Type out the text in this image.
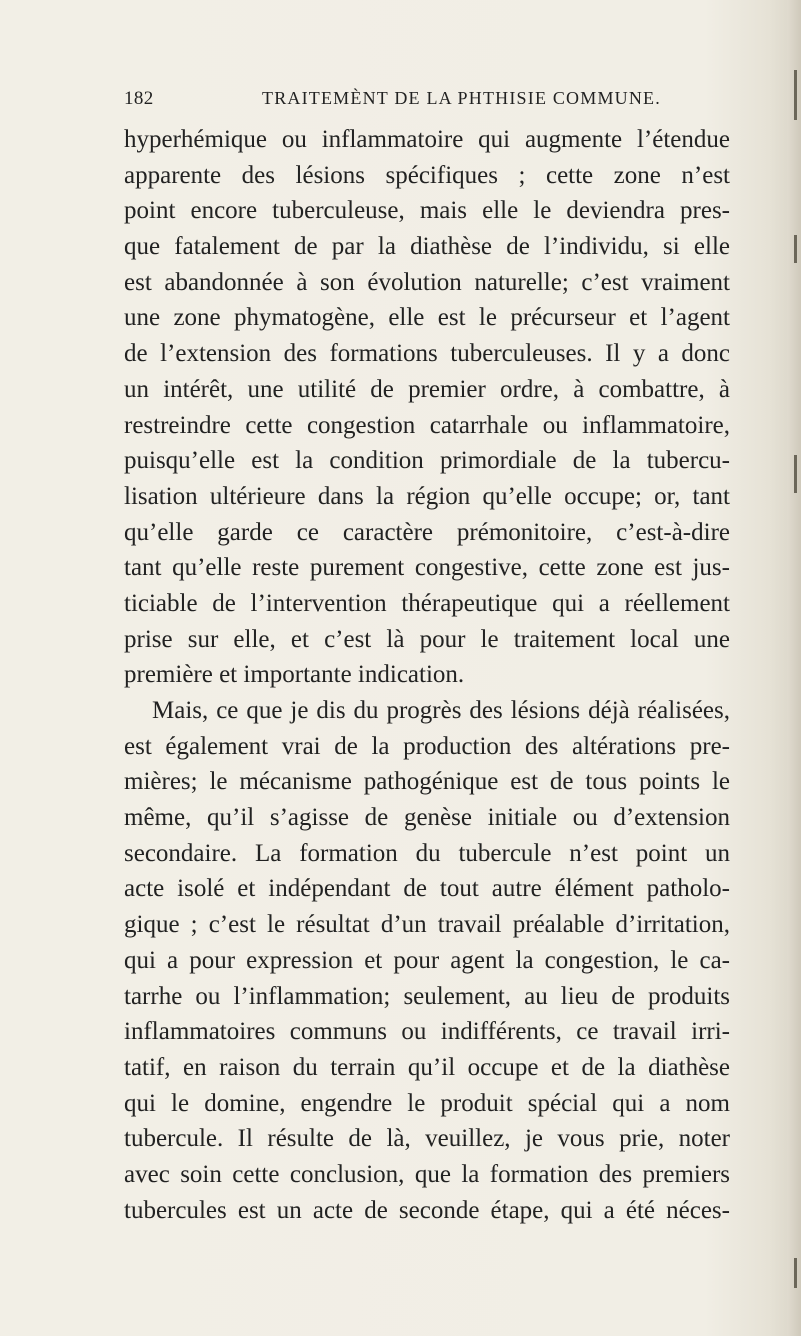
182	TRAITEMÈNT DE LA PHTHISIE COMMUNE.
hyperhémique ou inflammatoire qui augmente l’étendue
apparente des lésions spécifiques ; cette zone n’est
point encore tuberculeuse, mais elle le deviendra pres-
que fatalement de par la diathèse de l’individu, si elle
est abandonnée à son évolution naturelle; c’est vraiment
une zone phymatogène, elle est le précurseur et l’agent
de l’extension des formations tuberculeuses. Il y a donc
un intérêt, une utilité de premier ordre, à combattre, à
restreindre cette congestion catarrhale ou inflammatoire,
puisqu’elle est la condition primordiale de la tubercu-
lisation ultérieure dans la région qu’elle occupe; or, tant
qu’elle garde ce caractère prémonitoire, c’est-à-dire
tant qu’elle reste purement congestive, cette zone est jus-
ticiable de l’intervention thérapeutique qui a réellement
prise sur elle, et c’est là pour le traitement local une
première et importante indication.
Mais, ce que je dis du progrès des lésions déjà réalisées,
est également vrai de la production des altérations pre-
mières; le mécanisme pathogénique est de tous points le
même, qu’il s’agisse de genèse initiale ou d’extension
secondaire. La formation du tubercule n’est point un
acte isolé et indépendant de tout autre élément patholo-
gique ; c’est le résultat d’un travail préalable d’irritation,
qui a pour expression et pour agent la congestion, le ca-
tarrhe ou l’inflammation; seulement, au lieu de produits
inflammatoires communs ou indifférents, ce travail irri-
tatif, en raison du terrain qu’il occupe et de la diathèse
qui le domine, engendre le produit spécial qui a nom
tubercule. Il résulte de là, veuillez, je vous prie, noter
avec soin cette conclusion, que la formation des premiers
tubercules est un acte de seconde étape, qui a été néces-
